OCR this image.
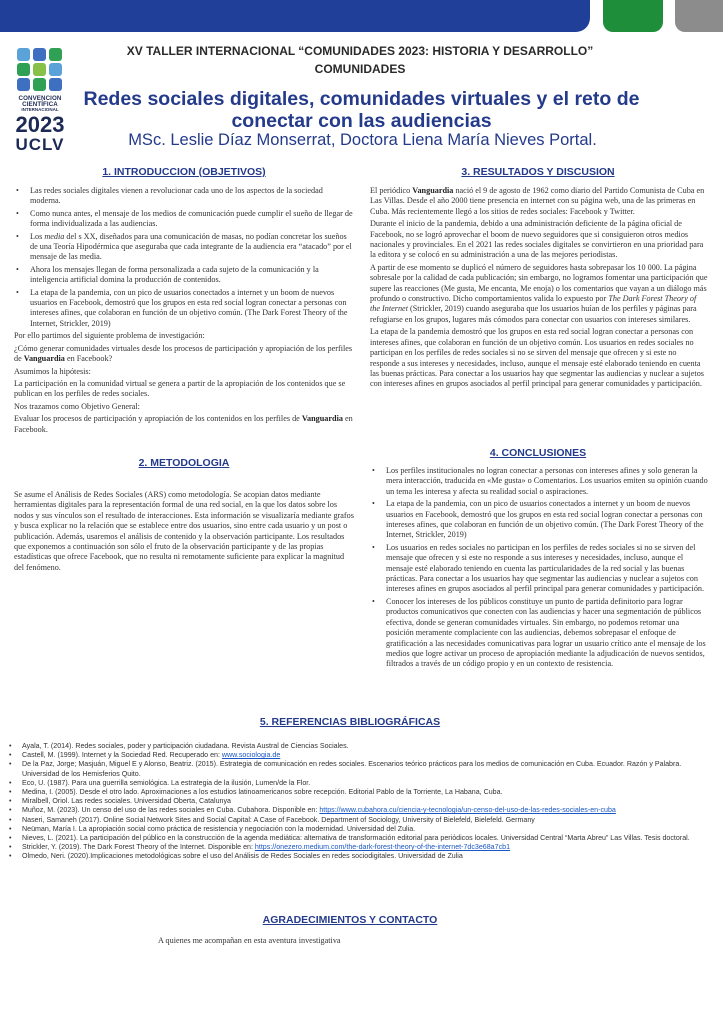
CONVENCION
CIENTÍFICA
INTERNACIONAL
2023
UCLV
XV TALLER INTERNACIONAL “COMUNIDADES 2023: HISTORIA Y DESARROLLO”
COMUNIDADES
Redes sociales digitales, comunidades virtuales y el reto de
conectar con las audiencias
MSc. Leslie Díaz Monserrat, Doctora Liena María Nieves Portal.
1. INTRODUCCION (OBJETIVOS)
• Las redes sociales digitales vienen a revolucionar cada uno de los aspectos de la sociedad moderna.
• Como nunca antes, el mensaje de los medios de comunicación puede cumplir el sueño de llegar de forma individualizada a las audiencias.
• Los media del s XX, diseñados para una comunicación de masas, no podían concretar los sueños de una Teoría Hipodérmica que aseguraba que cada integrante de la audiencia era “atacado” por el mensaje de las media.
• Ahora los mensajes llegan de forma personalizada a cada sujeto de la comunicación y la inteligencia artificial domina la producción de contenidos.
• La etapa de la pandemia, con un pico de usuarios conectados a internet y un boom de nuevos usuarios en Facebook, demostró que los grupos en esta red social logran conectar a personas con intereses afines, que colaboran en función de un objetivo común. (The Dark Forest Theory of the Internet, Strickler, 2019)

Por ello partimos del siguiente problema de investigación:

¿Cómo generar comunidades virtuales desde los procesos de participación y apropiación de los perfiles de Vanguardia en Facebook?

Asumimos la hipótesis:

La participación en la comunidad virtual se genera a partir de la apropiación de los contenidos que se publican en los perfiles de redes sociales.

Nos trazamos como Objetivo General:

Evaluar los procesos de participación y apropiación de los contenidos en los perfiles de Vanguardia en Facebook.

2. METODOLOGIA

Se asume el Análisis de Redes Sociales (ARS) como metodología. Se acopian datos mediante herramientas digitales para la representación formal de una red social, en la que los datos sobre los nodos y sus vínculos son el resultado de interacciones. Esta información se visualizaría mediante grafos y busca explicar no la relación que se establece entre dos usuarios, sino entre cada usuario y un post o publicación. Además, usaremos el análisis de contenido y la observación participante. Los resultados que exponemos a continuación son sólo el fruto de la observación participante y de las propias estadísticas que ofrece Facebook, que no resulta ni remotamente suficiente para explicar la magnitud del fenómeno.

3. RESULTADOS Y DISCUSION

El periódico Vanguardia nació el 9 de agosto de 1962 como diario del Partido Comunista de Cuba en Las Villas. Desde el año 2000 tiene presencia en internet con su página web, una de las primeras en Cuba. Más recientemente llegó a los sitios de redes sociales: Facebook y Twitter.

Durante el inicio de la pandemia, debido a una administración deficiente de la página oficial de Facebook, no se logró aprovechar el boom de nuevo seguidores que si consiguieron otros medios nacionales y provinciales. En el 2021 las redes sociales digitales se convirtieron en una prioridad para la editora y se colocó en su administración a una de las mejores periodistas.

A partir de ese momento se duplicó el número de seguidores hasta sobrepasar los 10 000. La página sobresale por la calidad de cada publicación; sin embargo, no logramos fomentar una participación que supere las reacciones (Me gusta, Me encanta, Me enoja) o los comentarios que vayan a un diálogo más profundo o constructivo. Dicho comportamientos valida lo expuesto por The Dark Forest Theory of the Internet (Strickler, 2019) cuando aseguraba que los usuarios huían de los perfiles y páginas para refugiarse en los grupos, lugares más cómodos para conectar con usuarios con intereses similares.

La etapa de la pandemia demostró que los grupos en esta red social logran conectar a personas con intereses afines, que colaboran en función de un objetivo común. Los usuarios en redes sociales no participan en los perfiles de redes sociales si no se sirven del mensaje que ofrecen y si este no responde a sus intereses y necesidades, incluso, aunque el mensaje esté elaborado teniendo en cuenta las buenas prácticas. Para conectar a los usuarios hay que segmentar las audiencias y nuclear a sujetos con intereses afines en grupos asociados al perfil principal para generar comunidades y participación.

4. CONCLUSIONES
• Los perfiles institucionales no logran conectar a personas con intereses afines y solo generan la mera interacción, traducida en «Me gusta» o Comentarios. Los usuarios emiten su opinión cuando un tema les interesa y afecta su realidad social o aspiraciones.
• La etapa de la pandemia, con un pico de usuarios conectados a internet y un boom de nuevos usuarios en Facebook, demostró que los grupos en esta red social logran conectar a personas con intereses afines, que colaboran en función de un objetivo común. (The Dark Forest Theory of the Internet, Strickler, 2019)
• Los usuarios en redes sociales no participan en los perfiles de redes sociales si no se sirven del mensaje que ofrecen y si este no responde a sus intereses y necesidades, incluso, aunque el mensaje esté elaborado teniendo en cuenta las particularidades de la red social y las buenas prácticas. Para conectar a los usuarios hay que segmentar las audiencias y nuclear a sujetos con intereses afines en grupos asociados al perfil principal para generar comunidades y participación.
• Conocer los intereses de los públicos constituye un punto de partida definitorio para lograr productos comunicativos que conecten con las audiencias y hacer una segmentación de públicos efectiva, donde se generan comunidades virtuales. Sin embargo, no podemos retomar una posición meramente complaciente con las audiencias, debemos sobrepasar el enfoque de gratificación a las necesidades comunicativas para lograr un usuario crítico ante el mensaje de los medios que logre activar un proceso de apropiación mediante la adjudicación de nuevos sentidos, filtrados a través de un código propio y en un contexto de resistencia.
5. REFERENCIAS BIBLIOGRÁFICAS
• Ayala, T. (2014). Redes sociales, poder y participación ciudadana. Revista Austral de Ciencias Sociales.
• Castell, M. (1999). Internet y la Sociedad Red. Recuperado en: www.sociologia.de
• De la Paz, Jorge; Masjuán, Miguel E y Alonso, Beatriz. (2015). Estrategia de comunicación en redes sociales. Escenarios teórico prácticos para los medios de comunicación en Cuba. Ecuador. Razón y Palabra. Universidad de los Hemisferios Quito.
• Eco, U. (1987). Para una guerrilla semiológica. La estrategia de la ilusión, Lumen/de la Flor.
• Medina, I. (2005). Desde el otro lado. Aproximaciones a los estudios latinoamericanos sobre recepción. Editorial Pablo de la Torriente, La Habana, Cuba.
• Miralbell, Oriol. Las redes sociales. Universidad Oberta, Catalunya
• Muñoz, M. (2023). Un censo del uso de las redes sociales en Cuba. Cubahora. Disponible en: https://www.cubahora.cu/ciencia-y-tecnologia/un-censo-del-uso-de-las-redes-sociales-en-cuba
• Naseri, Samaneh (2017). Online Social Network Sites and Social Capital: A Case of Facebook. Department of Sociology, University of Bielefeld, Bielefeld. Germany
• Neüman, María I. La apropiación social como práctica de resistencia y negociación con la modernidad. Universidad del Zulia.
• Nieves, L. (2021). La participación del público en la construcción de la agenda mediática: alternativa de transformación editorial para periódicos locales. Universidad Central “Marta Abreu” Las Villas. Tesis doctoral.
• Strickler, Y. (2019). The Dark Forest Theory of the Internet. Disponible en: https://onezero.medium.com/the-dark-forest-theory-of-the-internet-7dc3e68a7cb1
• Olmedo, Neri. (2020).Implicaciones metodológicas sobre el uso del Análisis de Redes Sociales en redes sociodigitales. Universidad de Zulia
AGRADECIMIENTOS Y CONTACTO
A quienes me acompañan en esta aventura investigativa
